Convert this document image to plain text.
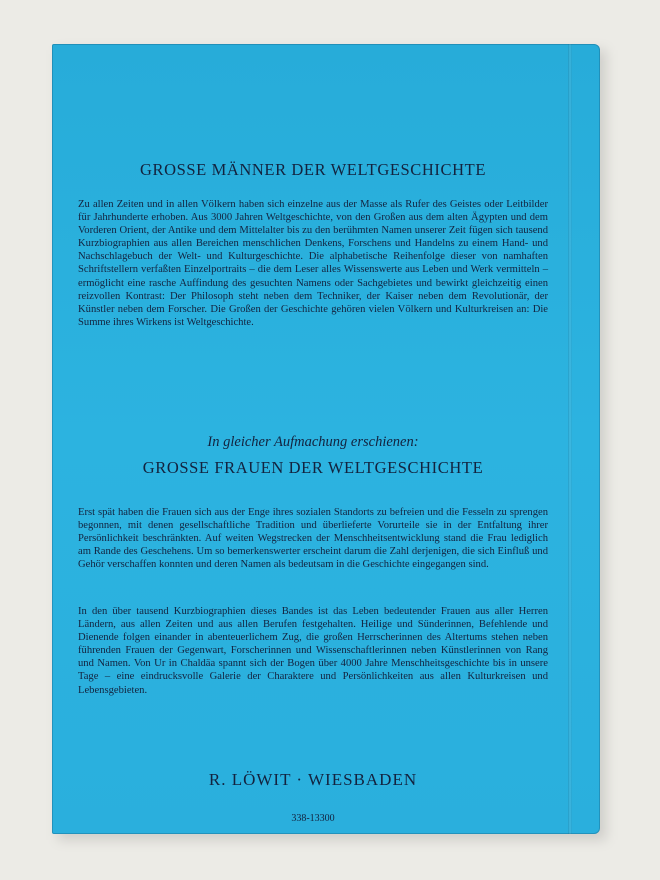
GROSSE MÄNNER DER WELTGESCHICHTE

Zu allen Zeiten und in allen Völkern haben sich einzelne aus der Masse als Rufer des Geistes oder Leitbilder für Jahrhunderte erhoben. Aus 3000 Jahren Weltgeschichte, von den Großen aus dem alten Ägypten und dem Vorderen Orient, der Antike und dem Mittelalter bis zu den berühmten Namen unserer Zeit fügen sich tausend Kurzbiographien aus allen Bereichen menschlichen Denkens, Forschens und Handelns zu einem Hand- und Nachschlagebuch der Welt- und Kulturgeschichte. Die alphabetische Reihenfolge dieser von namhaften Schriftstellern verfaßten Einzelportraits – die dem Leser alles Wissenswerte aus Leben und Werk vermitteln – ermöglicht eine rasche Auffindung des gesuchten Namens oder Sachgebietes und bewirkt gleichzeitig einen reizvollen Kontrast: Der Philosoph steht neben dem Techniker, der Kaiser neben dem Revolutionär, der Künstler neben dem Forscher. Die Großen der Geschichte gehören vielen Völkern und Kulturkreisen an: Die Summe ihres Wirkens ist Weltgeschichte.

In gleicher Aufmachung erschienen:

GROSSE FRAUEN DER WELTGESCHICHTE

Erst spät haben die Frauen sich aus der Enge ihres sozialen Standorts zu befreien und die Fesseln zu sprengen begonnen, mit denen gesellschaftliche Tradition und überlieferte Vorurteile sie in der Entfaltung ihrer Persönlichkeit beschränkten. Auf weiten Wegstrecken der Menschheitsentwicklung stand die Frau lediglich am Rande des Geschehens. Um so bemerkenswerter erscheint darum die Zahl derjenigen, die sich Einfluß und Gehör verschaffen konnten und deren Namen als bedeutsam in die Geschichte eingegangen sind.

In den über tausend Kurzbiographien dieses Bandes ist das Leben bedeutender Frauen aus aller Herren Ländern, aus allen Zeiten und aus allen Berufen festgehalten. Heilige und Sünderinnen, Befehlende und Dienende folgen einander in abenteuerlichem Zug, die großen Herrscherinnen des Altertums stehen neben führenden Frauen der Gegenwart, Forscherinnen und Wissenschaftlerinnen neben Künstlerinnen von Rang und Namen. Von Ur in Chaldäa spannt sich der Bogen über 4000 Jahre Menschheitsgeschichte bis in unsere Tage – eine eindrucksvolle Galerie der Charaktere und Persönlichkeiten aus allen Kulturkreisen und Lebensgebieten.

R. LÖWIT · WIESBADEN

338-13300
